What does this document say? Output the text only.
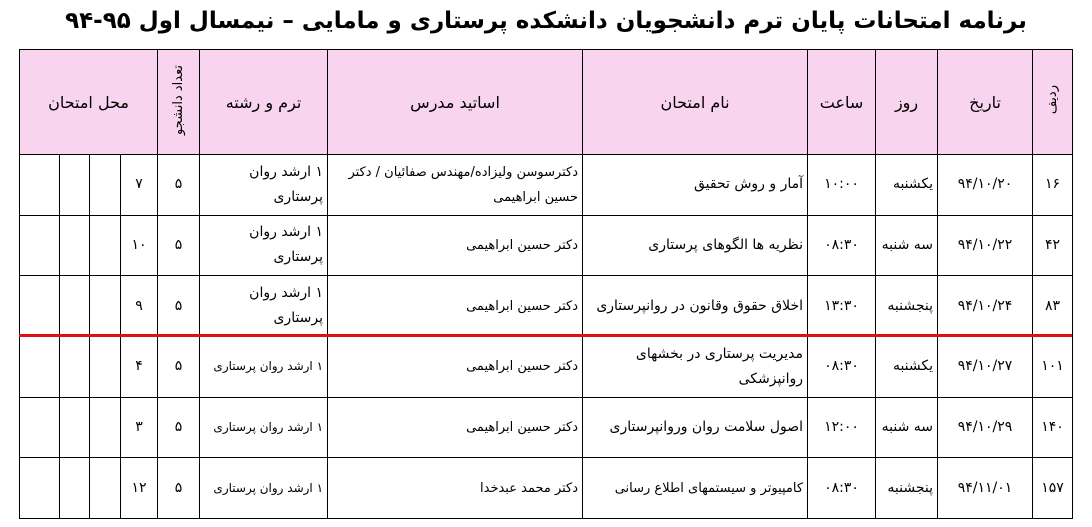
برنامه امتحانات پایان ترم دانشجویان دانشکده پرستاری و مامایی – نیمسال اول ۹۵-۹۴
ردیف	تاریخ	روز	ساعت	نام امتحان	اساتید مدرس	ترم و رشته	تعداد دانشجو	محل امتحان			
۱۶	۹۴/۱۰/۲۰	یکشنبه	۱۰:۰۰	آمار و روش تحقیق	دکترسوسن ولیزاده/مهندس صفائیان / دکتر حسین ابراهیمی	۱ ارشد روان پرستاری	۵	۷			
۴۲	۹۴/۱۰/۲۲	سه شنبه	۰۸:۳۰	نظریه ها الگوهای پرستاری	دکتر حسین ابراهیمی	۱ ارشد روان پرستاری	۵	۱۰			
۸۳	۹۴/۱۰/۲۴	پنجشنبه	۱۳:۳۰	اخلاق حقوق وقانون در روانپرستاری	دکتر حسین ابراهیمی	۱ ارشد روان پرستاری	۵	۹			
۱۰۱	۹۴/۱۰/۲۷	یکشنبه	۰۸:۳۰	مدیریت پرستاری در بخشهای روانپزشکی	دکتر حسین ابراهیمی	۱ ارشد روان پرستاری	۵	۴			
۱۴۰	۹۴/۱۰/۲۹	سه شنبه	۱۲:۰۰	اصول سلامت روان وروانپرستاری	دکتر حسین ابراهیمی	۱ ارشد روان پرستاری	۵	۳			
۱۵۷	۹۴/۱۱/۰۱	پنجشنبه	۰۸:۳۰	کامپیوتر و سیستمهای اطلاع رسانی	دکتر محمد عبدخدا	۱ ارشد روان پرستاری	۵	۱۲			
